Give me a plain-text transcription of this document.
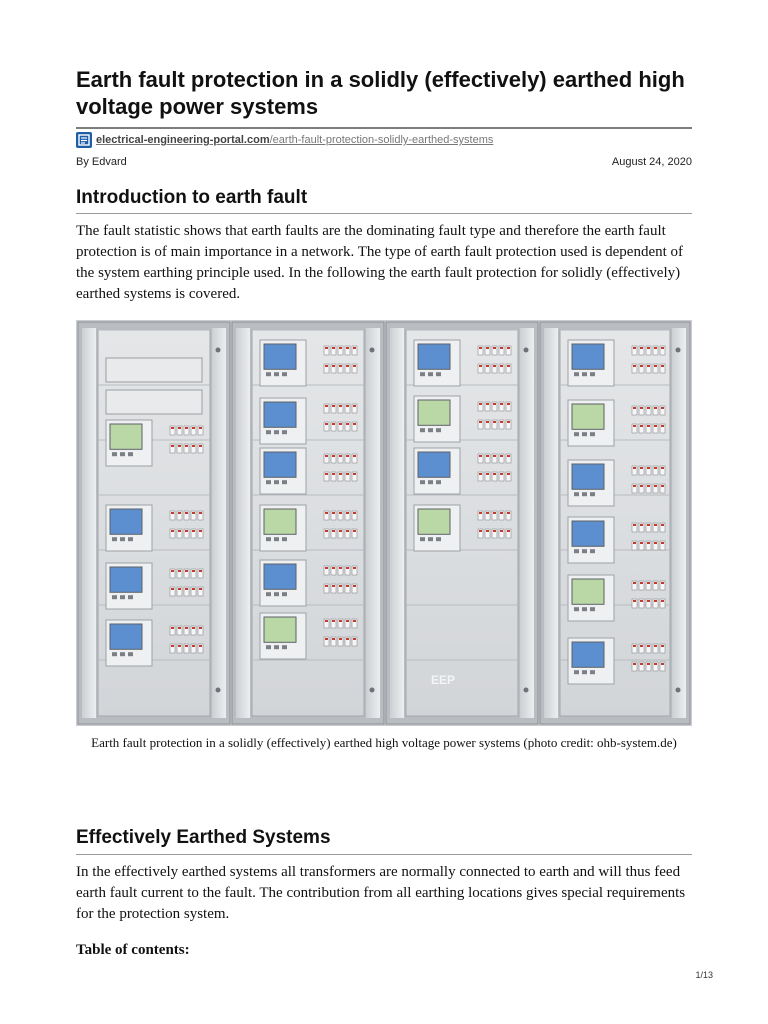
Earth fault protection in a solidly (effectively) earthed high voltage power systems
electrical-engineering-portal.com/earth-fault-protection-solidly-earthed-systems
By Edvard	August 24, 2020
Introduction to earth fault

The fault statistic shows that earth faults are the dominating fault type and therefore the earth fault protection is of main importance in a network. The type of earth fault protection used is dependent of the system earthing principle used. In the following the earth fault protection for solidly (effectively) earthed systems is covered.

EEP

Earth fault protection in a solidly (effectively) earthed high voltage power systems (photo credit: ohb-system.de)

Effectively Earthed Systems

In the effectively earthed systems all transformers are normally connected to earth and will thus feed earth fault current to the fault. The contribution from all earthing locations gives special requirements for the protection system.

Table of contents:

1/13
